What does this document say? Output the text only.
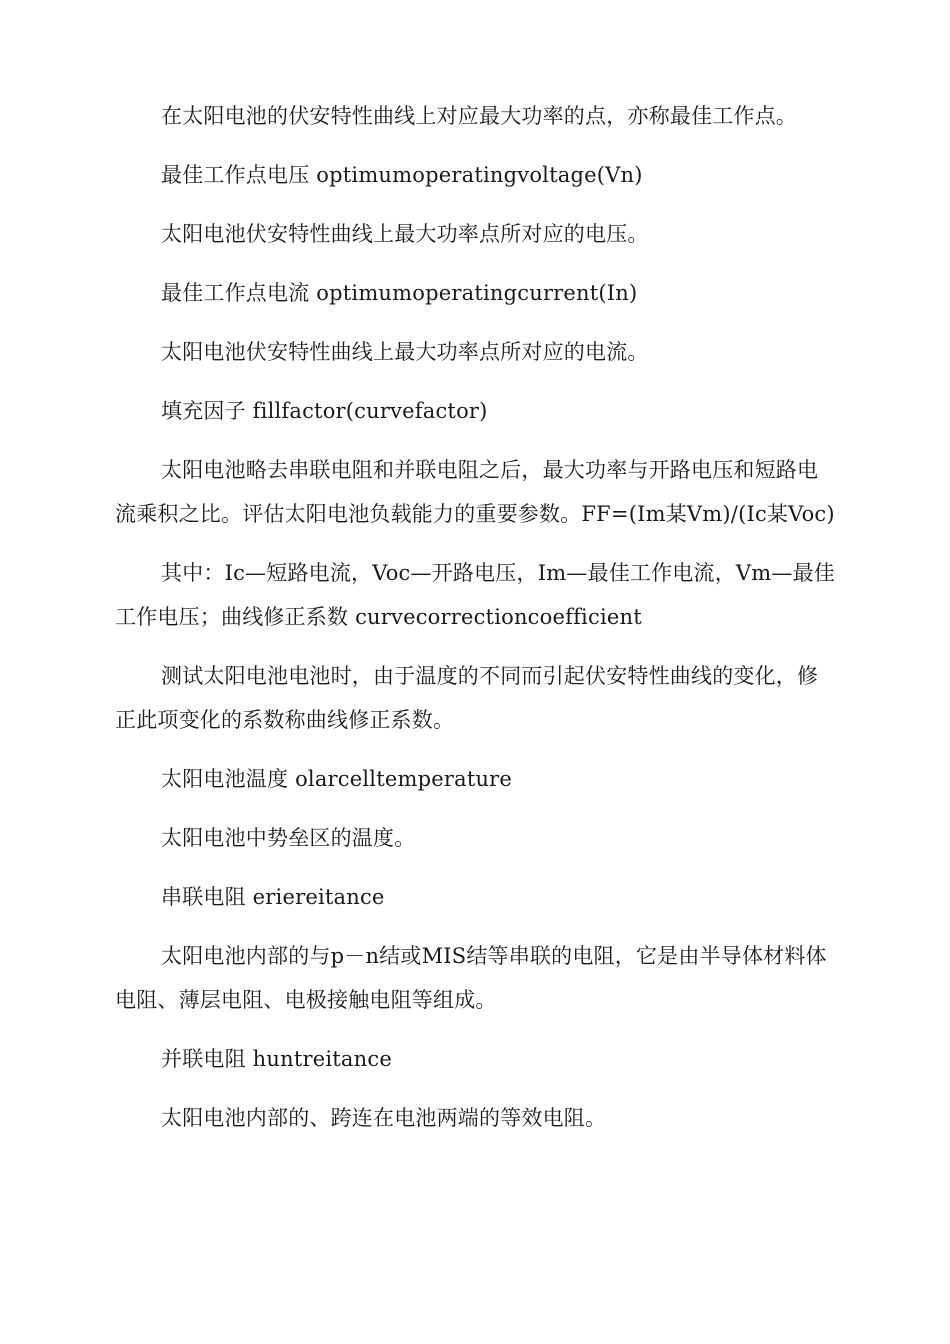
在太阳电池的伏安特性曲线上对应最大功率的点，亦称最佳工作点。

最佳工作点电压 optimumoperatingvoltage(Vn)

太阳电池伏安特性曲线上最大功率点所对应的电压。

最佳工作点电流 optimumoperatingcurrent(In)

太阳电池伏安特性曲线上最大功率点所对应的电流。

填充因子 fillfactor(curvefactor)

太阳电池略去串联电阻和并联电阻之后，最大功率与开路电压和短路电流乘积之比。评估太阳电池负载能力的重要参数。FF=(Im某Vm)/(Ic某Voc)

其中：Ic—短路电流，Voc—开路电压，Im—最佳工作电流，Vm—最佳工作电压；曲线修正系数 curvecorrectioncoefficient

测试太阳电池电池时，由于温度的不同而引起伏安特性曲线的变化，修正此项变化的系数称曲线修正系数。

太阳电池温度 olarcelltemperature

太阳电池中势垒区的温度。

串联电阻 eriereitance

太阳电池内部的与p－n结或MIS结等串联的电阻，它是由半导体材料体电阻、薄层电阻、电极接触电阻等组成。

并联电阻 huntreitance

太阳电池内部的、跨连在电池两端的等效电阻。
